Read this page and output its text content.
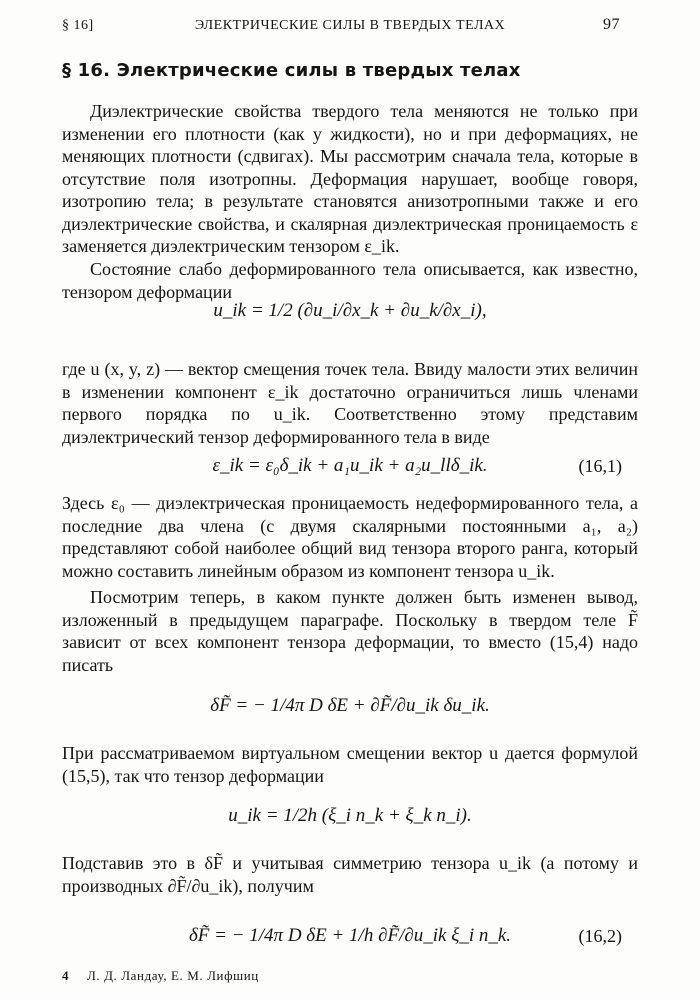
§ 16]	ЭЛЕКТРИЧЕСКИЕ СИЛЫ В ТВЕРДЫХ ТЕЛАХ	97
§ 16. Электрические силы в твердых телах
Диэлектрические свойства твердого тела меняются не только при изменении его плотности (как у жидкости), но и при деформациях, не меняющих плотности (сдвигах). Мы рассмотрим сначала тела, которые в отсутствие поля изотропны. Деформация нарушает, вообще говоря, изотропию тела; в результате становятся анизотропными также и его диэлектрические свойства, и скалярная диэлектрическая проницаемость ε заменяется диэлектрическим тензором ε_ik.
Состояние слабо деформированного тела описывается, как известно, тензором деформации
u_ik = 1/2 (∂u_i/∂x_k + ∂u_k/∂x_i),
где u (x, y, z) — вектор смещения точек тела. Ввиду малости этих величин в изменении компонент ε_ik достаточно ограничиться лишь членами первого порядка по u_ik. Соответственно этому представим диэлектрический тензор деформированного тела в виде
ε_ik = ε₀δ_ik + a₁u_ik + a₂u_llδ_ik.	(16,1)
Здесь ε₀ — диэлектрическая проницаемость недеформированного тела, а последние два члена (с двумя скалярными постоянными a₁, a₂) представляют собой наиболее общий вид тензора второго ранга, который можно составить линейным образом из компонент тензора u_ik.
Посмотрим теперь, в каком пункте должен быть изменен вывод, изложенный в предыдущем параграфе. Поскольку в твердом теле F̃ зависит от всех компонент тензора деформации, то вместо (15,4) надо писать
δF̃ = − 1/4π D δE + ∂F̃/∂u_ik δu_ik.
При рассматриваемом виртуальном смещении вектор u дается формулой (15,5), так что тензор деформации
u_ik = 1/2h (ξ_i n_k + ξ_k n_i).
Подставив это в δF̃ и учитывая симметрию тензора u_ik (а потому и производных ∂F̃/∂u_ik), получим
δF̃ = − 1/4π D δE + 1/h ∂F̃/∂u_ik ξ_i n_k.	(16,2)
4 Л. Д. Ландау, Е. М. Лифшиц
